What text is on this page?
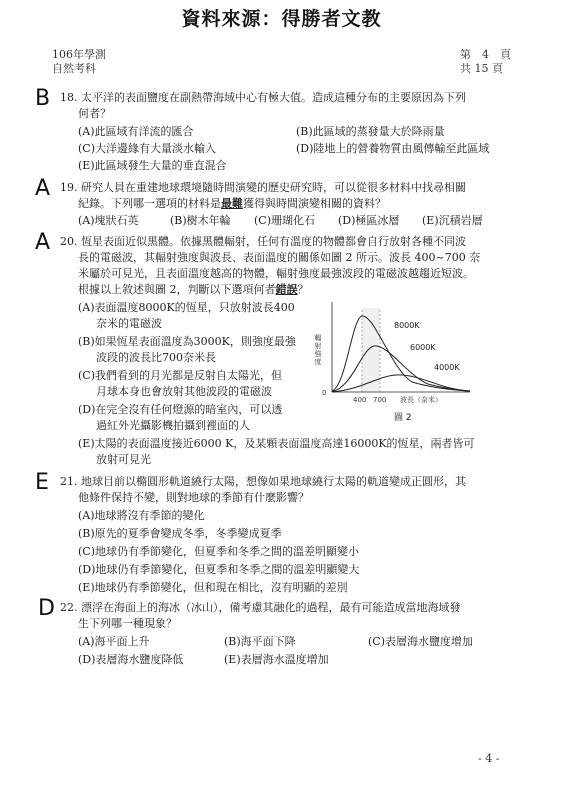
資料來源：得勝者文教
106年學測
自然考科
第　4　頁
共 15 頁
B 18. 太平洋的表面鹽度在副熱帶海域中心有極大值。造成這種分布的主要原因為下列
何者？
(A)此區域有洋流的匯合	(B)此區域的蒸發量大於降雨量
(C)大洋邊緣有大量淡水輸入	(D)陸地上的營養物質由風傳輸至此區域
(E)此區域發生大量的垂直混合
A 19. 研究人員在重建地球環境隨時間演變的歷史研究時，可以從很多材料中找尋相關
紀錄。下列哪一選項的材料是最難獲得與時間演變相關的資料？
(A)塊狀石英	(B)樹木年輪 (C)珊瑚化石 (D)極區冰層 (E)沉積岩層
A 20. 恆星表面近似黑體。依據黑體輻射，任何有溫度的物體都會自行放射各種不同波
長的電磁波，其輻射強度與波長、表面溫度的關係如圖 2 所示。波長 400~700 奈
米屬於可見光，且表面溫度越高的物體，輻射強度最強波段的電磁波越趨近短波。
根據以上敘述與圖 2，判斷以下選項何者錯誤？
(A)表面溫度8000K的恆星，只放射波長400
奈米的電磁波
(B)如果恆星表面溫度為3000K，則強度最強
波段的波長比700奈米長
(C)我們看到的月光都是反射自太陽光，但
月球本身也會放射其他波段的電磁波
(D)在完全沒有任何燈源的暗室內，可以透
過紅外光攝影機拍攝到裡面的人
(E)太陽的表面溫度接近6000 K，及某顆表面溫度高達16000K的恆星，兩者皆可
放射可見光
輻射強度
0
8000K
6000K
4000K
400 700 波長（奈米）
圖 2
E 21. 地球目前以橢圓形軌道繞行太陽，想像如果地球繞行太陽的軌道變成正圓形，其
他條件保持不變，則對地球的季節有什麼影響？
(A)地球將沒有季節的變化
(B)原先的夏季會變成冬季，冬季變成夏季
(C)地球仍有季節變化，但夏季和冬季之間的溫差明顯變小
(D)地球仍有季節變化，但夏季和冬季之間的溫差明顯變大
(E)地球仍有季節變化，但和現在相比，沒有明顯的差別
D 22. 漂浮在海面上的海冰（冰山），備考慮其融化的過程，最有可能造成當地海域發
生下列哪一種現象？
(A)海平面上升	(B)海平面下降	(C)表層海水鹽度增加
(D)表層海水鹽度降低	(E)表層海水溫度增加
- 4 -
